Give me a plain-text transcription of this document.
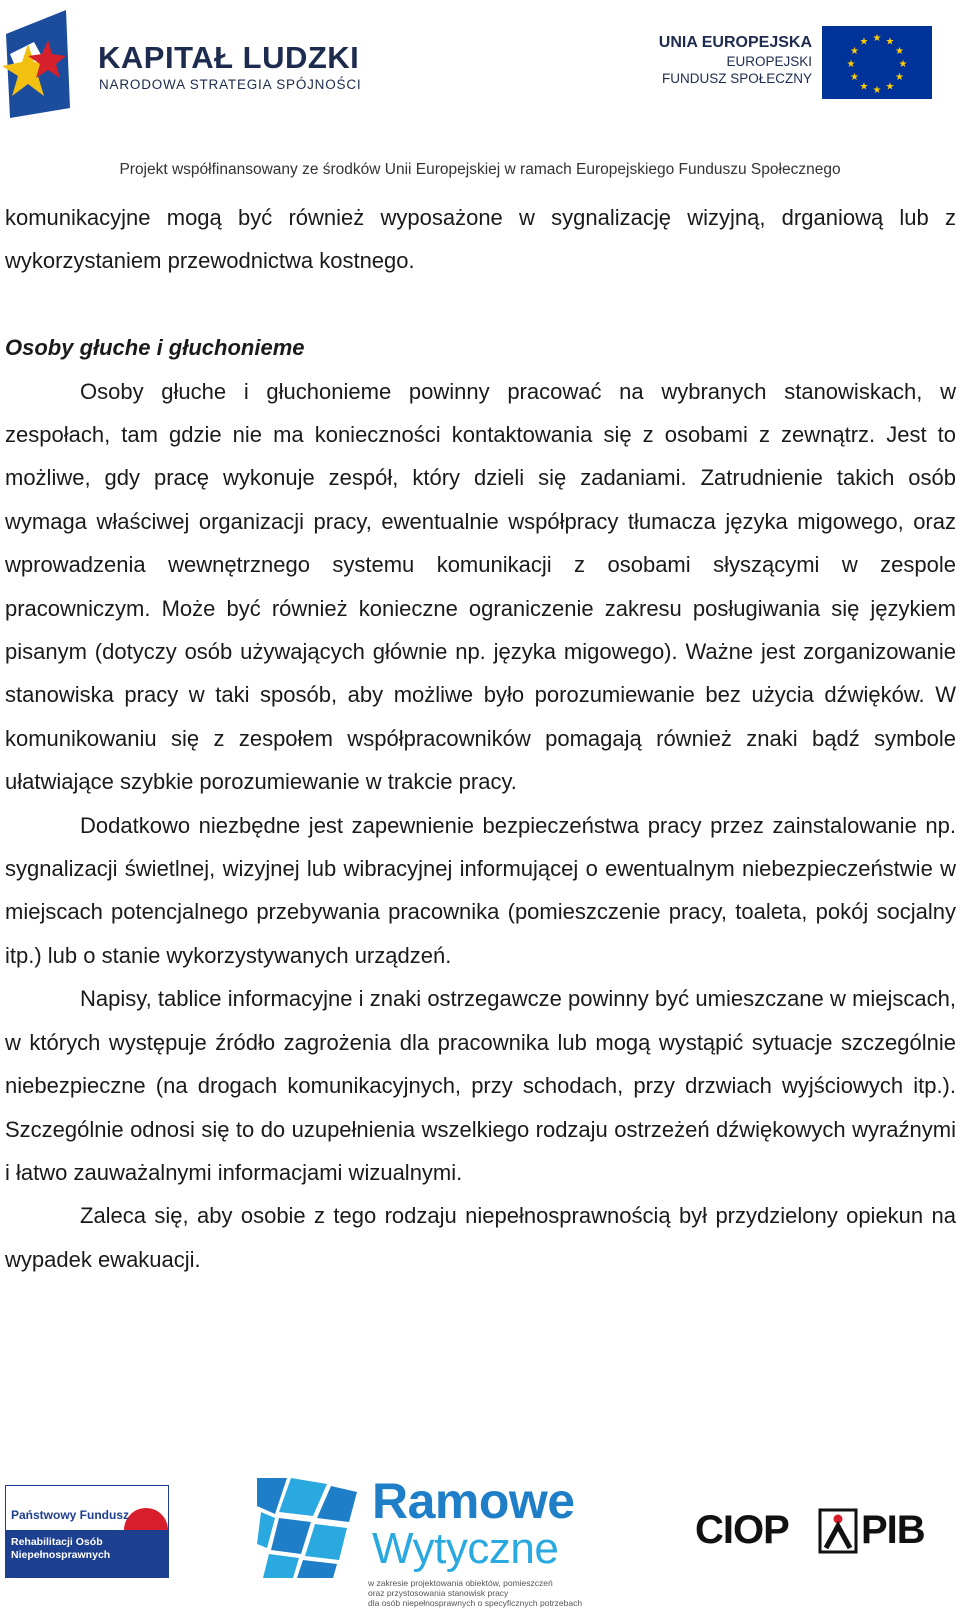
KAPITAŁ LUDZKI
NARODOWA STRATEGIA SPÓJNOŚCI
UNIA EUROPEJSKA
EUROPEJSKI
FUNDUSZ SPOŁECZNY
★ ★
★
★
★
★
★
★
★
★
★
★
Projekt współfinansowany ze środków Unii Europejskiej w ramach Europejskiego Funduszu Społecznego

komunikacyjne mogą być również wyposażone w sygnalizację wizyjną, drganiową lub z wykorzystaniem przewodnictwa kostnego.

Osoby głuche i głuchonieme

Osoby głuche i głuchonieme powinny pracować na wybranych stanowiskach, w zespołach, tam gdzie nie ma konieczności kontaktowania się z osobami z zewnątrz. Jest to możliwe, gdy pracę wykonuje zespół, który dzieli się zadaniami. Zatrudnienie takich osób wymaga właściwej organizacji pracy, ewentualnie współpracy tłumacza języka migowego, oraz wprowadzenia wewnętrznego systemu komunikacji z osobami słyszącymi w zespole pracowniczym. Może być również konieczne ograniczenie zakresu posługiwania się językiem pisanym (dotyczy osób używających głównie np. języka migowego). Ważne jest zorganizowanie stanowiska pracy w taki sposób, aby możliwe było porozumiewanie bez użycia dźwięków. W komunikowaniu się z zespołem współpracowników pomagają również znaki bądź symbole ułatwiające szybkie porozumiewanie w trakcie pracy.

Dodatkowo niezbędne jest zapewnienie bezpieczeństwa pracy przez zainstalowanie np. sygnalizacji świetlnej, wizyjnej lub wibracyjnej informującej o ewentualnym niebezpieczeństwie w miejscach potencjalnego przebywania pracownika (pomieszczenie pracy, toaleta, pokój socjalny itp.) lub o stanie wykorzystywanych urządzeń.

Napisy, tablice informacyjne i znaki ostrzegawcze powinny być umieszczane w miejscach, w których występuje źródło zagrożenia dla pracownika lub mogą wystąpić sytuacje szczególnie niebezpieczne (na drogach komunikacyjnych, przy schodach, przy drzwiach wyjściowych itp.). Szczególnie odnosi się to do uzupełnienia wszelkiego rodzaju ostrzeżeń dźwiękowych wyraźnymi i łatwo zauważalnymi informacjami wizualnymi.

Zaleca się, aby osobie z tego rodzaju niepełnosprawnością był przydzielony opiekun na wypadek ewakuacji.

Państwowy Fundusz
Rehabilitacji Osób
Niepełnosprawnych
Ramowe
Wytyczne
w zakresie projektowania obiektów, pomieszczeń
oraz przystosowania stanowisk pracy
dla osób niepełnosprawnych o specyficznych potrzebach
CIOP PIB
